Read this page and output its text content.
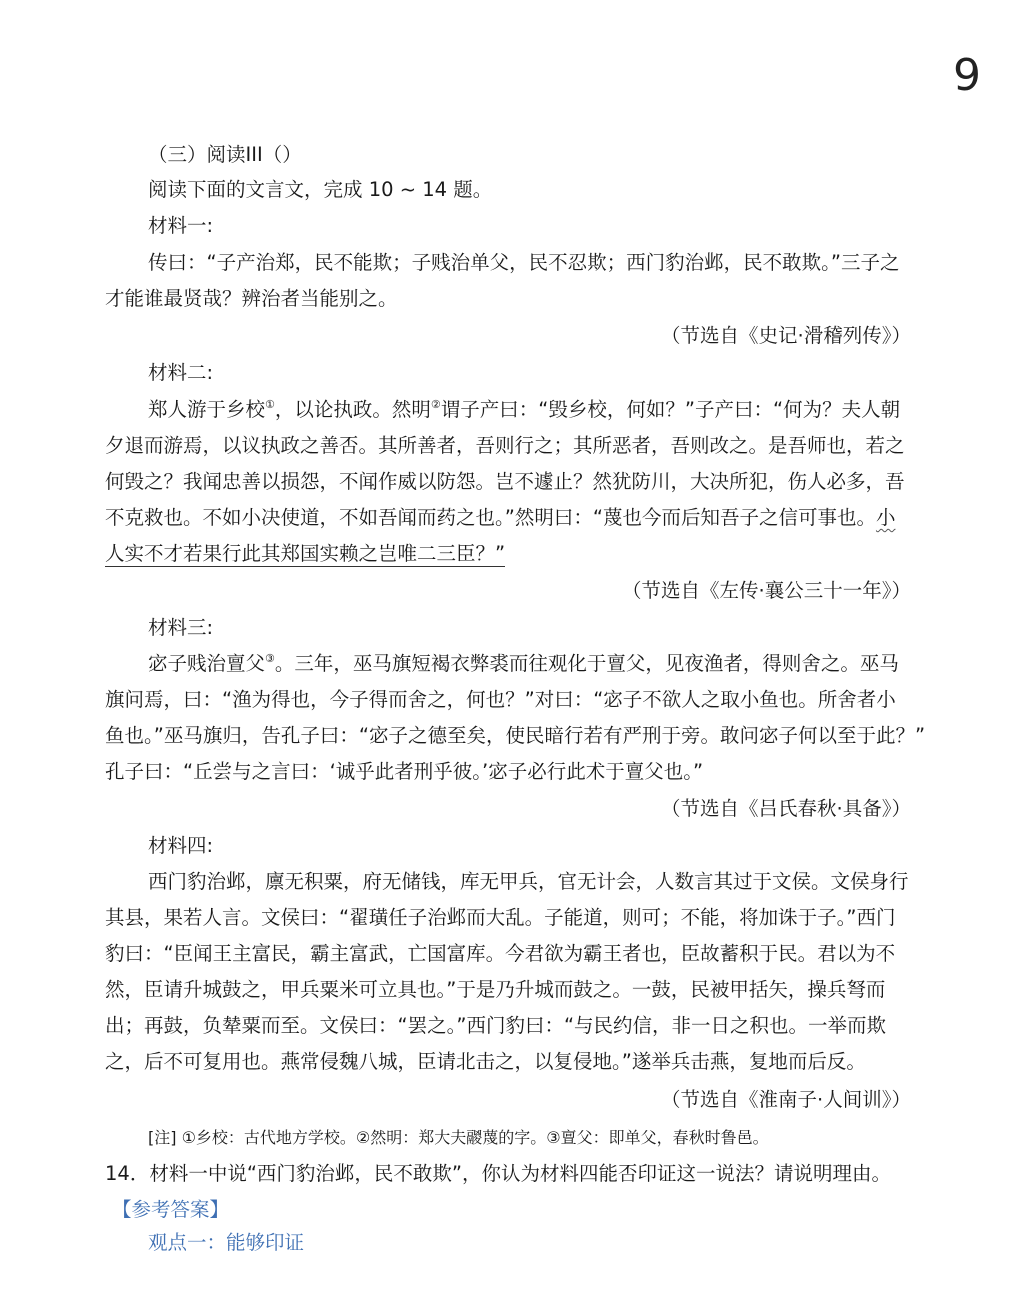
9
（三）阅读III（）
阅读下面的文言文，完成 10 ~ 14 题。
材料一:
传曰：“子产治郑，民不能欺；子贱治单父，民不忍欺；西门豹治邺，民不敢欺。”三子之
才能谁最贤哉？辨治者当能别之。
（节选自《史记·滑稽列传》）
材料二:
郑人游于乡校①，以论执政。然明②谓子产曰：“毁乡校，何如？”子产曰：“何为？夫人朝
夕退而游焉，以议执政之善否。其所善者，吾则行之；其所恶者，吾则改之。是吾师也，若之
何毁之？我闻忠善以损怨，不闻作威以防怨。岂不遽止？然犹防川，大决所犯，伤人必多，吾
不克救也。不如小决使道，不如吾闻而药之也。”然明曰：“蔑也今而后知吾子之信可事也。小
人实不才若果行此其郑国实赖之岂唯二三臣？”
（节选自《左传·襄公三十一年》）
材料三:
宓子贱治亶父③。三年，巫马旗短褐衣弊裘而往观化于亶父，见夜渔者，得则舍之。巫马
旗问焉，曰：“渔为得也，今子得而舍之，何也？”对曰：“宓子不欲人之取小鱼也。所舍者小
鱼也。”巫马旗归，告孔子曰：“宓子之德至矣，使民暗行若有严刑于旁。敢问宓子何以至于此？”
孔子曰：“丘尝与之言曰：‘诚乎此者刑乎彼。’宓子必行此术于亶父也。”
（节选自《吕氏春秋·具备》）
材料四:
西门豹治邺，廪无积粟，府无储钱，库无甲兵，官无计会，人数言其过于文侯。文侯身行
其县，果若人言。文侯曰：“翟璜任子治邺而大乱。子能道，则可；不能，将加诛于子。”西门
豹曰：“臣闻王主富民，霸主富武，亡国富库。今君欲为霸王者也，臣故蓄积于民。君以为不
然，臣请升城鼓之，甲兵粟米可立具也。”于是乃升城而鼓之。一鼓，民被甲括矢，操兵弩而
出；再鼓，负辇粟而至。文侯曰：“罢之。”西门豹曰：“与民约信，非一日之积也。一举而欺
之，后不可复用也。燕常侵魏八城，臣请北击之，以复侵地。”遂举兵击燕，复地而后反。
（节选自《淮南子·人间训》）
[注] ①乡校：古代地方学校。②然明：郑大夫鬷蔑的字。③亶父：即单父，春秋时鲁邑。
14．材料一中说“西门豹治邺，民不敢欺”，你认为材料四能否印证这一说法？请说明理由。
【参考答案】
观点一：能够印证
